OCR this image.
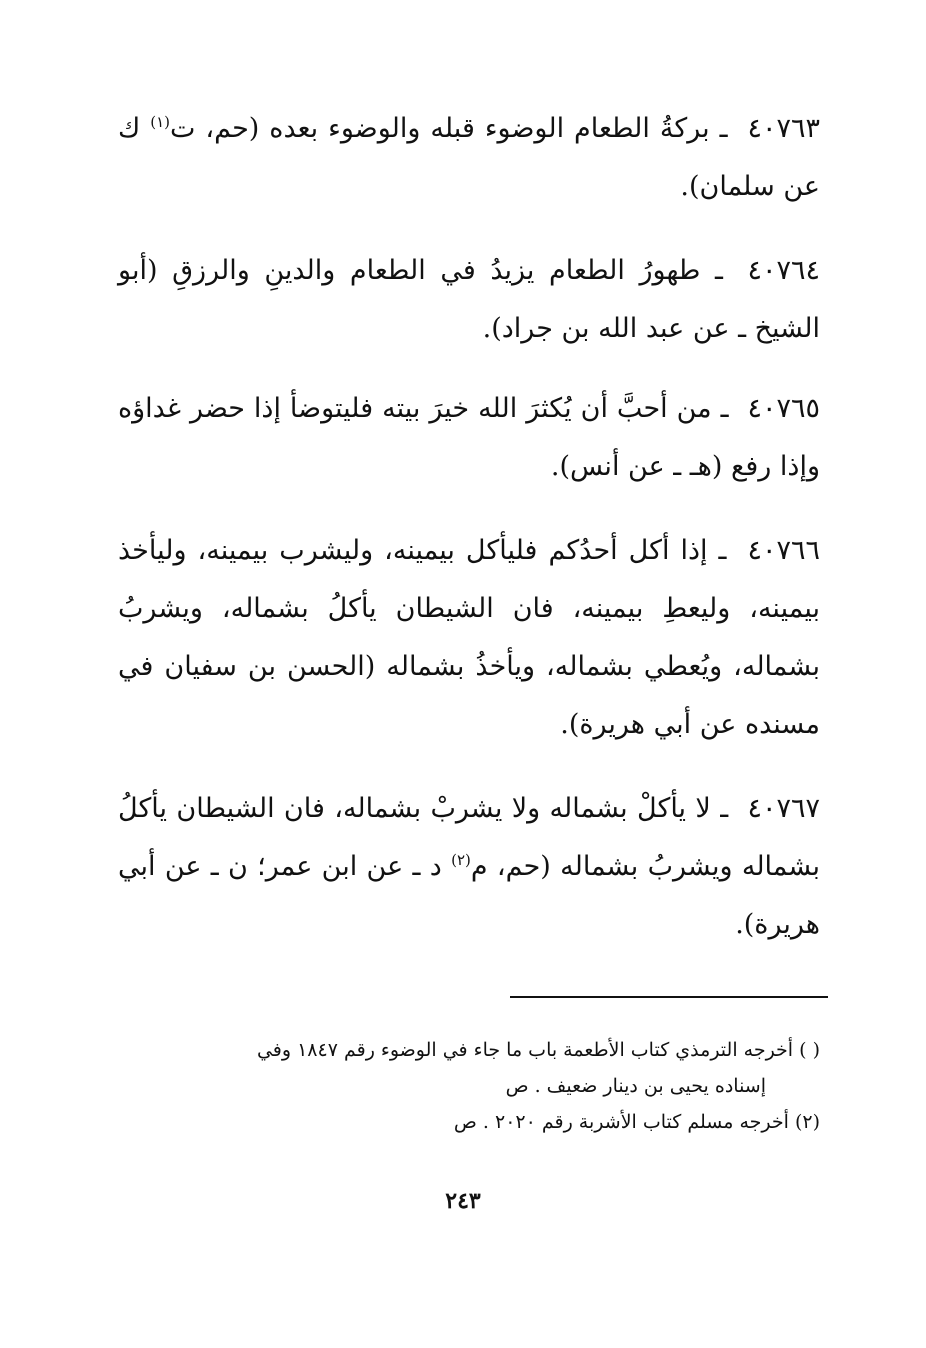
٤٠٧٦٣ ـ بركةُ الطعام الوضوء قبله والوضوء بعده (حم، ت$^{(١)}$ ك عن سلمان).
٤٠٧٦٤ ـ طهورُ الطعام يزيدُ في الطعام والدينِ والرزقِ (أبو الشيخ ـ عن عبد الله بن جراد).
٤٠٧٦٥ ـ من أحبَّ أن يُكثرَ الله خيرَ بيته فليتوضأ إذا حضر غداؤه وإذا رفع (هـ ـ عن أنس).
٤٠٧٦٦ ـ إذا أكل أحدُكم فليأكل بيمينه، وليشرب بيمينه، وليأخذ بيمينه، وليعطِ بيمينه، فان الشيطان يأكلُ بشماله، ويشربُ بشماله، ويُعطي بشماله، ويأخذُ بشماله (الحسن بن سفيان في مسنده عن أبي هريرة).
٤٠٧٦٧ ـ لا يأكلْ بشماله ولا يشربْ بشماله، فان الشيطان يأكلُ بشماله ويشربُ بشماله (حم، م$^{(٢)}$ د ـ عن ابن عمر؛ ن ـ عن أبي هريرة).
( ) أخرجه الترمذي كتاب الأطعمة باب ما جاء في الوضوء رقم ١٨٤٧ وفي
إسناده يحيى بن دينار ضعيف . ص
(٢) أخرجه مسلم كتاب الأشربة رقم ٢٠٢٠ . ص
٢٤٣
